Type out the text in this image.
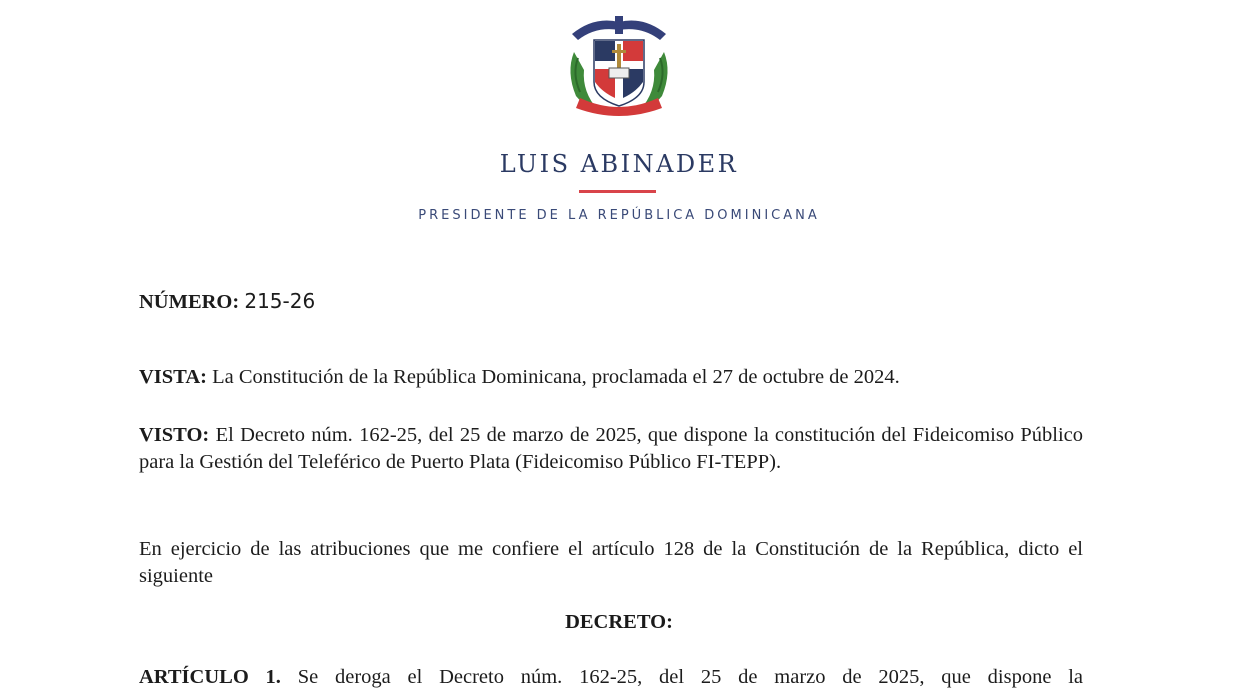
LUIS ABINADER
PRESIDENTE DE LA REPÚBLICA DOMINICANA
NÚMERO: 215-26
VISTA: La Constitución de la República Dominicana, proclamada el 27 de octubre de 2024.
VISTO: El Decreto núm. 162-25, del 25 de marzo de 2025, que dispone la constitución del Fideicomiso Público para la Gestión del Teleférico de Puerto Plata (Fideicomiso Público FI-TEPP).
En ejercicio de las atribuciones que me confiere el artículo 128 de la Constitución de la República, dicto el siguiente
DECRETO:
ARTÍCULO 1. Se deroga el Decreto núm. 162-25, del 25 de marzo de 2025, que dispone la
